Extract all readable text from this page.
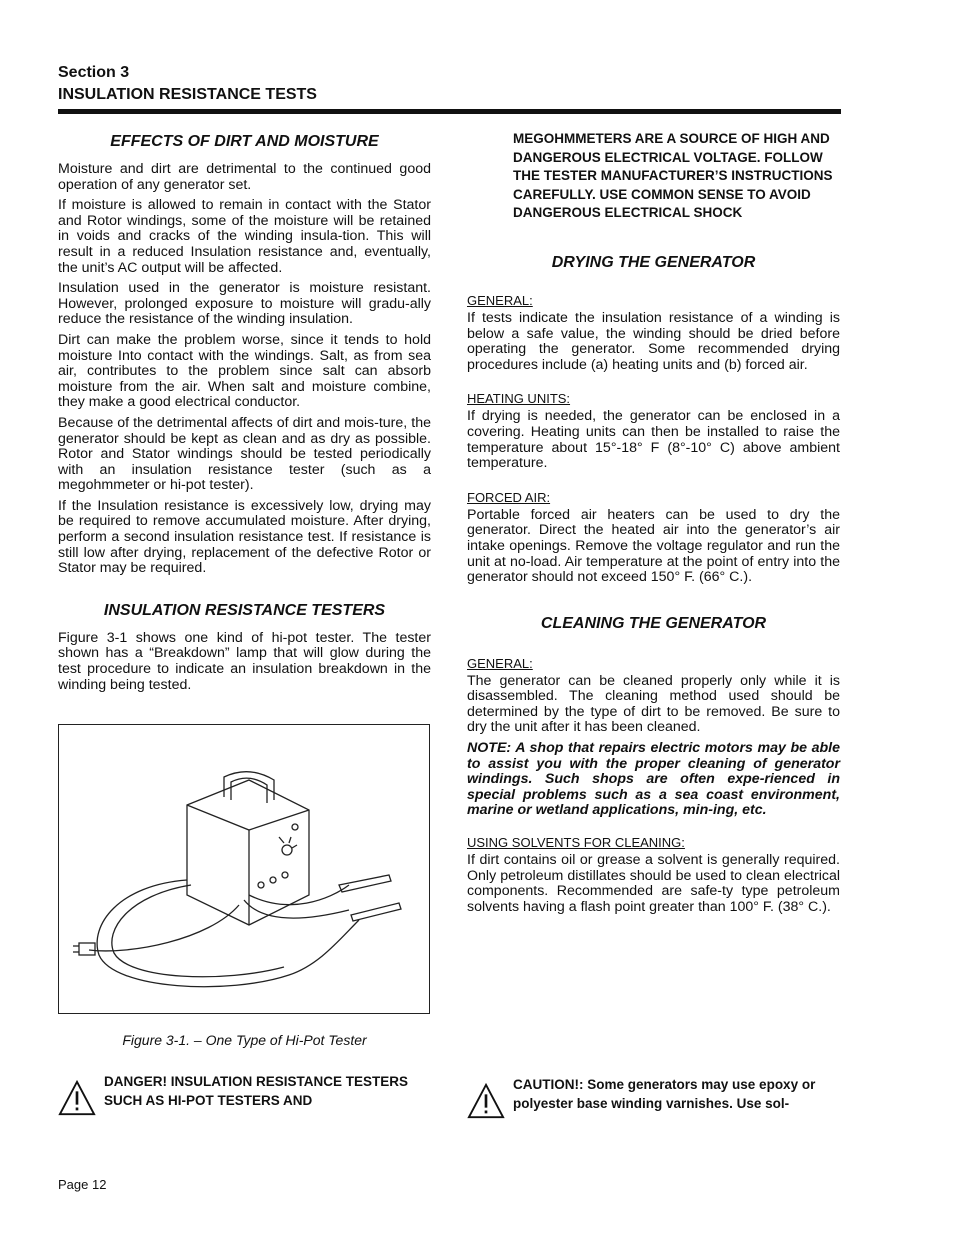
Section 3
INSULATION RESISTANCE TESTS
EFFECTS OF DIRT AND MOISTURE

Moisture and dirt are detrimental to the continued good operation of any generator set.

If moisture is allowed to remain in contact with the Stator and Rotor windings, some of the moisture will be retained in voids and cracks of the winding insula-tion. This will result in a reduced Insulation resistance and, eventually, the unit’s AC output will be affected.

Insulation used in the generator is moisture resistant. However, prolonged exposure to moisture will gradu-ally reduce the resistance of the winding insulation.

Dirt can make the problem worse, since it tends to hold moisture Into contact with the windings. Salt, as from sea air, contributes to the problem since salt can absorb moisture from the air. When salt and moisture combine, they make a good electrical conductor.

Because of the detrimental affects of dirt and mois-ture, the generator should be kept as clean and as dry as possible. Rotor and Stator windings should be tested periodically with an insulation resistance tester (such as a megohmmeter or hi-pot tester).

If the Insulation resistance is excessively low, drying may be required to remove accumulated moisture. After drying, perform a second insulation resistance test. If resistance is still low after drying, replacement of the defective Rotor or Stator may be required.

INSULATION RESISTANCE TESTERS

Figure 3-1 shows one kind of hi-pot tester. The tester shown has a “Breakdown” lamp that will glow during the test procedure to indicate an insulation breakdown in the winding being tested.

Figure 3-1. – One Type of Hi-Pot Tester

DANGER! INSULATION RESISTANCE TESTERS SUCH AS HI-POT TESTERS AND

MEGOHMMETERS ARE A SOURCE OF HIGH AND DANGEROUS ELECTRICAL VOLTAGE. FOLLOW THE TESTER MANUFACTURER’S INSTRUCTIONS CAREFULLY. USE COMMON SENSE TO AVOID DANGEROUS ELECTRICAL SHOCK

DRYING THE GENERATOR
GENERAL:

If tests indicate the insulation resistance of a winding is below a safe value, the winding should be dried before operating the generator. Some recommended drying procedures include (a) heating units and (b) forced air.

HEATING UNITS:

If drying is needed, the generator can be enclosed in a covering. Heating units can then be installed to raise the temperature about 15°-18° F (8°-10° C) above ambient temperature.

FORCED AIR:

Portable forced air heaters can be used to dry the generator. Direct the heated air into the generator’s air intake openings. Remove the voltage regulator and run the unit at no-load. Air temperature at the point of entry into the generator should not exceed 150° F. (66° C.).

CLEANING THE GENERATOR
GENERAL:

The generator can be cleaned properly only while it is disassembled. The cleaning method used should be determined by the type of dirt to be removed. Be sure to dry the unit after it has been cleaned.

NOTE: A shop that repairs electric motors may be able to assist you with the proper cleaning of generator windings. Such shops are often expe-rienced in special problems such as a sea coast environment, marine or wetland applications, min-ing, etc.

USING SOLVENTS FOR CLEANING:

If dirt contains oil or grease a solvent is generally required. Only petroleum distillates should be used to clean electrical components. Recommended are safe-ty type petroleum solvents having a flash point greater than 100° F. (38° C.).

CAUTION!: Some generators may use epoxy or polyester base winding varnishes. Use sol-

Page 12
